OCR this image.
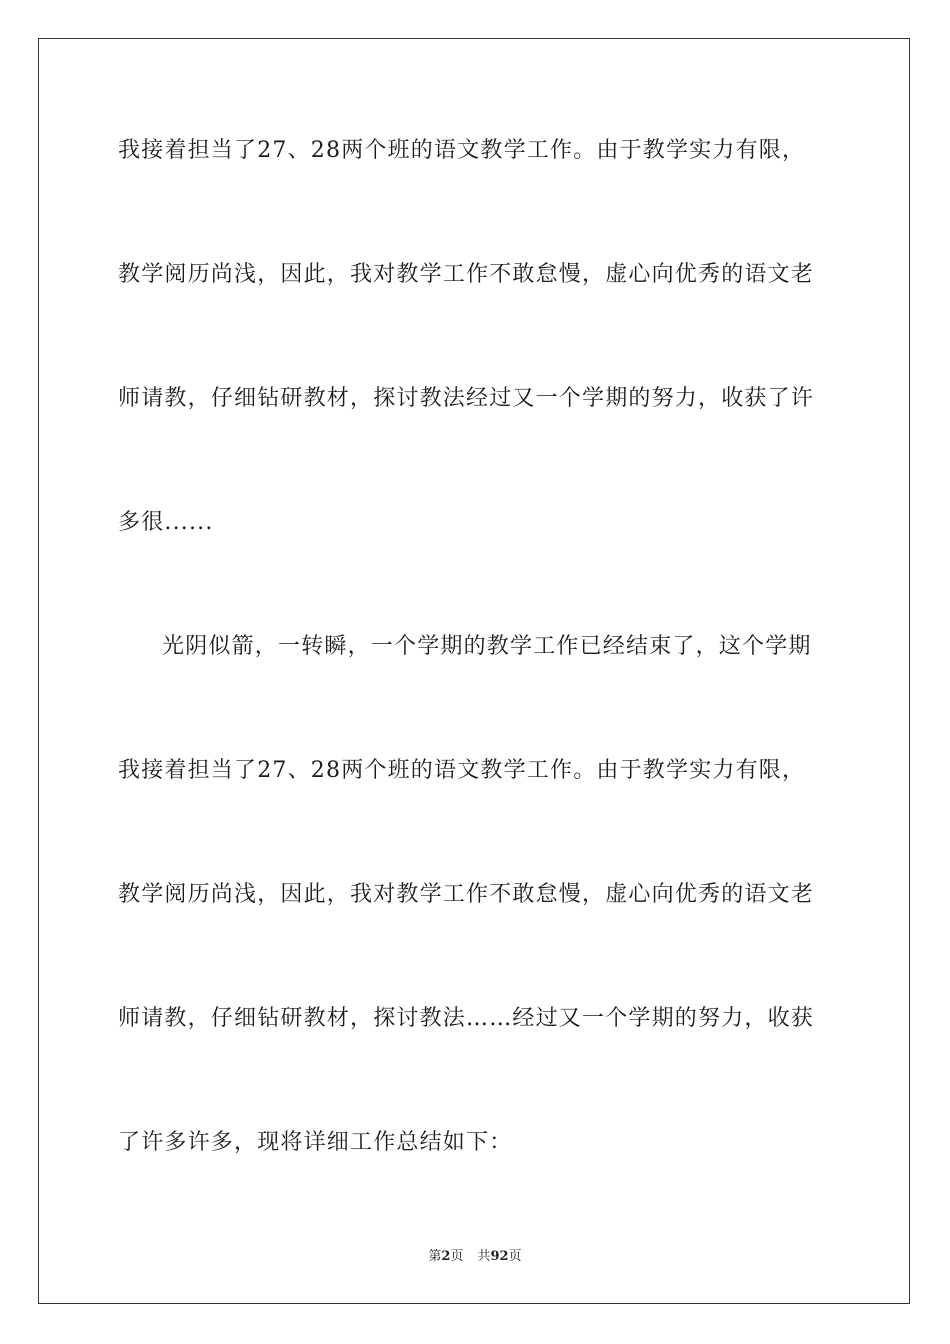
我接着担当了27、28两个班的语文教学工作。由于教学实力有限，
教学阅历尚浅，因此，我对教学工作不敢怠慢，虚心向优秀的语文老
师请教，仔细钻研教材，探讨教法经过又一个学期的努力，收获了许
多很......
光阴似箭，一转瞬，一个学期的教学工作已经结束了，这个学期
我接着担当了27、28两个班的语文教学工作。由于教学实力有限，
教学阅历尚浅，因此，我对教学工作不敢怠慢，虚心向优秀的语文老
师请教，仔细钻研教材，探讨教法……经过又一个学期的努力，收获
了许多许多，现将详细工作总结如下：
第2页 共92页
